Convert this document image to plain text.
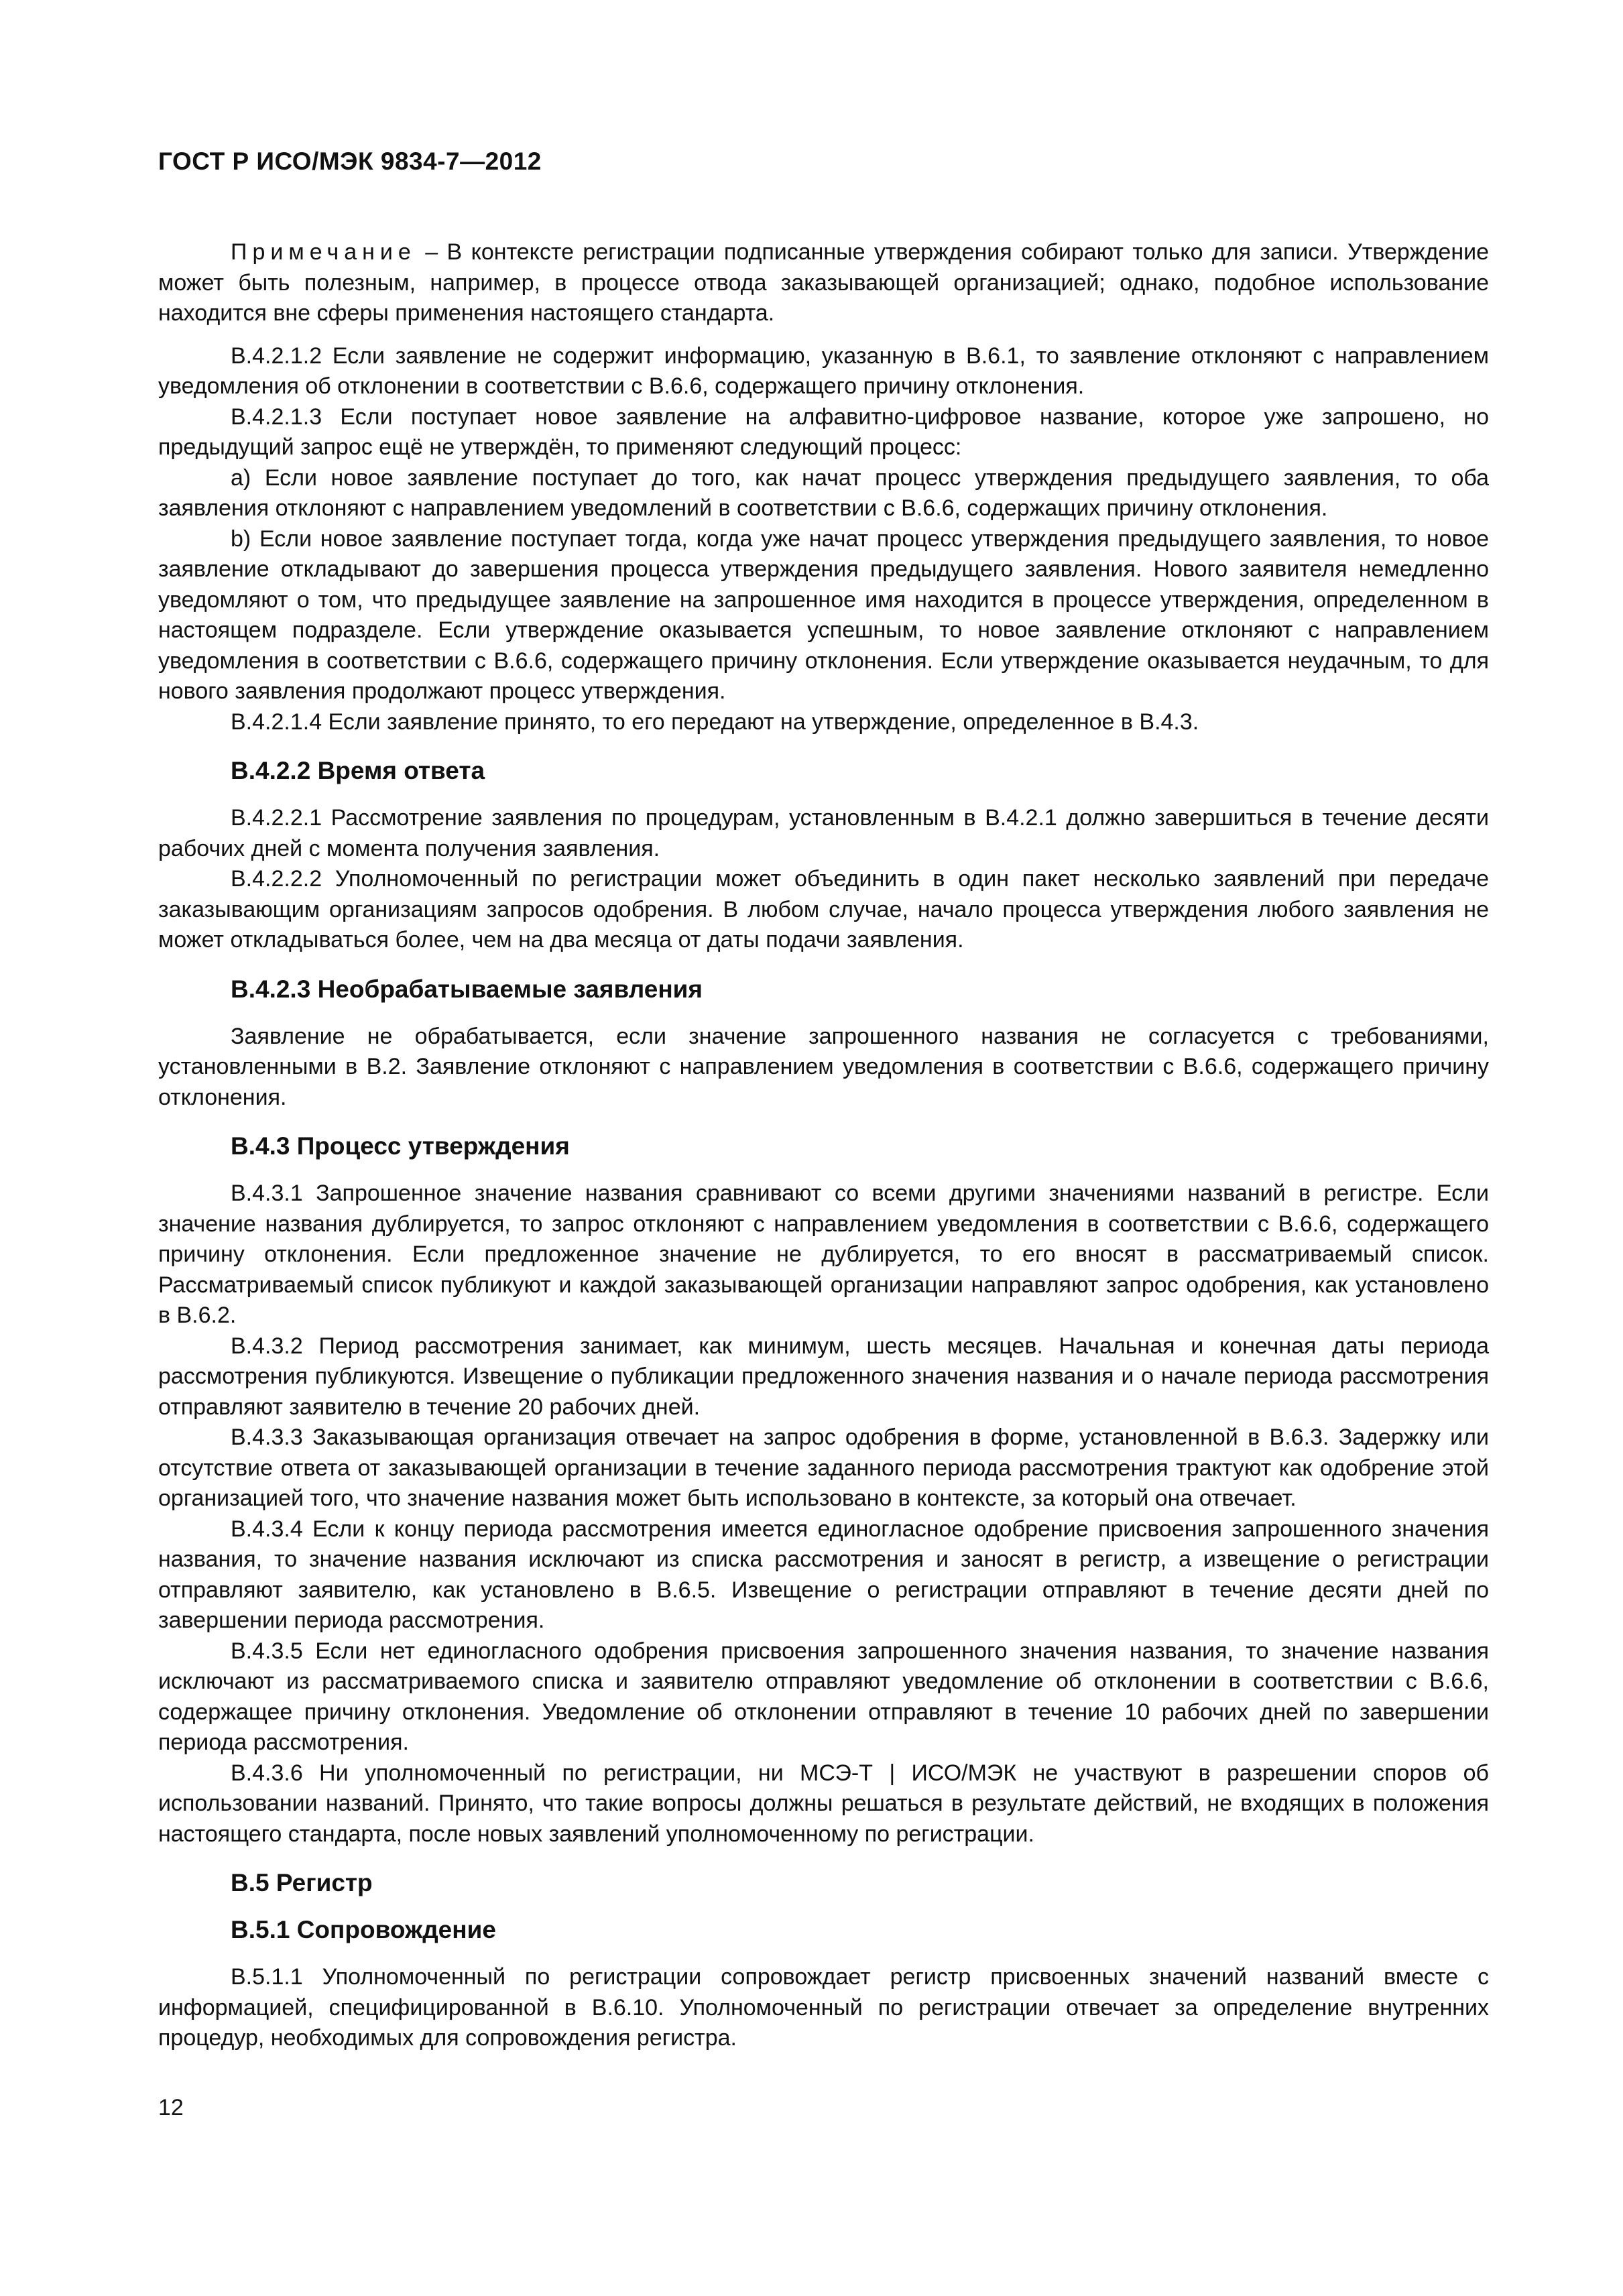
ГОСТ Р ИСО/МЭК 9834-7—2012

Примечание – В контексте регистрации подписанные утверждения собирают только для записи. Утверждение может быть полезным, например, в процессе отвода заказывающей организацией; однако, подобное использование находится вне сферы применения настоящего стандарта.

В.4.2.1.2 Если заявление не содержит информацию, указанную в В.6.1, то заявление отклоняют с направлением уведомления об отклонении в соответствии с В.6.6, содержащего причину отклонения.

В.4.2.1.3 Если поступает новое заявление на алфавитно-цифровое название, которое уже запрошено, но предыдущий запрос ещё не утверждён, то применяют следующий процесс:

a) Если новое заявление поступает до того, как начат процесс утверждения предыдущего заявления, то оба заявления отклоняют с направлением уведомлений в соответствии с В.6.6, содержащих причину отклонения.

b) Если новое заявление поступает тогда, когда уже начат процесс утверждения предыдущего заявления, то новое заявление откладывают до завершения процесса утверждения предыдущего заявления. Нового заявителя немедленно уведомляют о том, что предыдущее заявление на запрошенное имя находится в процессе утверждения, определенном в настоящем подразделе. Если утверждение оказывается успешным, то новое заявление отклоняют с направлением уведомления в соответствии с В.6.6, содержащего причину отклонения. Если утверждение оказывается неудачным, то для нового заявления продолжают процесс утверждения.

В.4.2.1.4 Если заявление принято, то его передают на утверждение, определенное в В.4.3.

В.4.2.2 Время ответа

В.4.2.2.1 Рассмотрение заявления по процедурам, установленным в В.4.2.1 должно завершиться в течение десяти рабочих дней с момента получения заявления.

В.4.2.2.2 Уполномоченный по регистрации может объединить в один пакет несколько заявлений при передаче заказывающим организациям запросов одобрения. В любом случае, начало процесса утверждения любого заявления не может откладываться более, чем на два месяца от даты подачи заявления.

В.4.2.3 Необрабатываемые заявления

Заявление не обрабатывается, если значение запрошенного названия не согласуется с требованиями, установленными в В.2. Заявление отклоняют с направлением уведомления в соответствии с В.6.6, содержащего причину отклонения.

В.4.3 Процесс утверждения

В.4.3.1 Запрошенное значение названия сравнивают со всеми другими значениями названий в регистре. Если значение названия дублируется, то запрос отклоняют с направлением уведомления в соответствии с В.6.6, содержащего причину отклонения. Если предложенное значение не дублируется, то его вносят в рассматриваемый список. Рассматриваемый список публикуют и каждой заказывающей организации направляют запрос одобрения, как установлено в В.6.2.

В.4.3.2 Период рассмотрения занимает, как минимум, шесть месяцев. Начальная и конечная даты периода рассмотрения публикуются. Извещение о публикации предложенного значения названия и о начале периода рассмотрения отправляют заявителю в течение 20 рабочих дней.

В.4.3.3 Заказывающая организация отвечает на запрос одобрения в форме, установленной в В.6.3. Задержку или отсутствие ответа от заказывающей организации в течение заданного периода рассмотрения трактуют как одобрение этой организацией того, что значение названия может быть использовано в контексте, за который она отвечает.

В.4.3.4 Если к концу периода рассмотрения имеется единогласное одобрение присвоения запрошенного значения названия, то значение названия исключают из списка рассмотрения и заносят в регистр, а извещение о регистрации отправляют заявителю, как установлено в В.6.5. Извещение о регистрации отправляют в течение десяти дней по завершении периода рассмотрения.

В.4.3.5 Если нет единогласного одобрения присвоения запрошенного значения названия, то значение названия исключают из рассматриваемого списка и заявителю отправляют уведомление об отклонении в соответствии с В.6.6, содержащее причину отклонения. Уведомление об отклонении отправляют в течение 10 рабочих дней по завершении периода рассмотрения.

В.4.3.6 Ни уполномоченный по регистрации, ни МСЭ-Т | ИСО/МЭК не участвуют в разрешении споров об использовании названий. Принято, что такие вопросы должны решаться в результате действий, не входящих в положения настоящего стандарта, после новых заявлений уполномоченному по регистрации.

В.5 Регистр
В.5.1 Сопровождение

В.5.1.1 Уполномоченный по регистрации сопровождает регистр присвоенных значений названий вместе с информацией, специфицированной в В.6.10. Уполномоченный по регистрации отвечает за определение внутренних процедур, необходимых для сопровождения регистра.

12
